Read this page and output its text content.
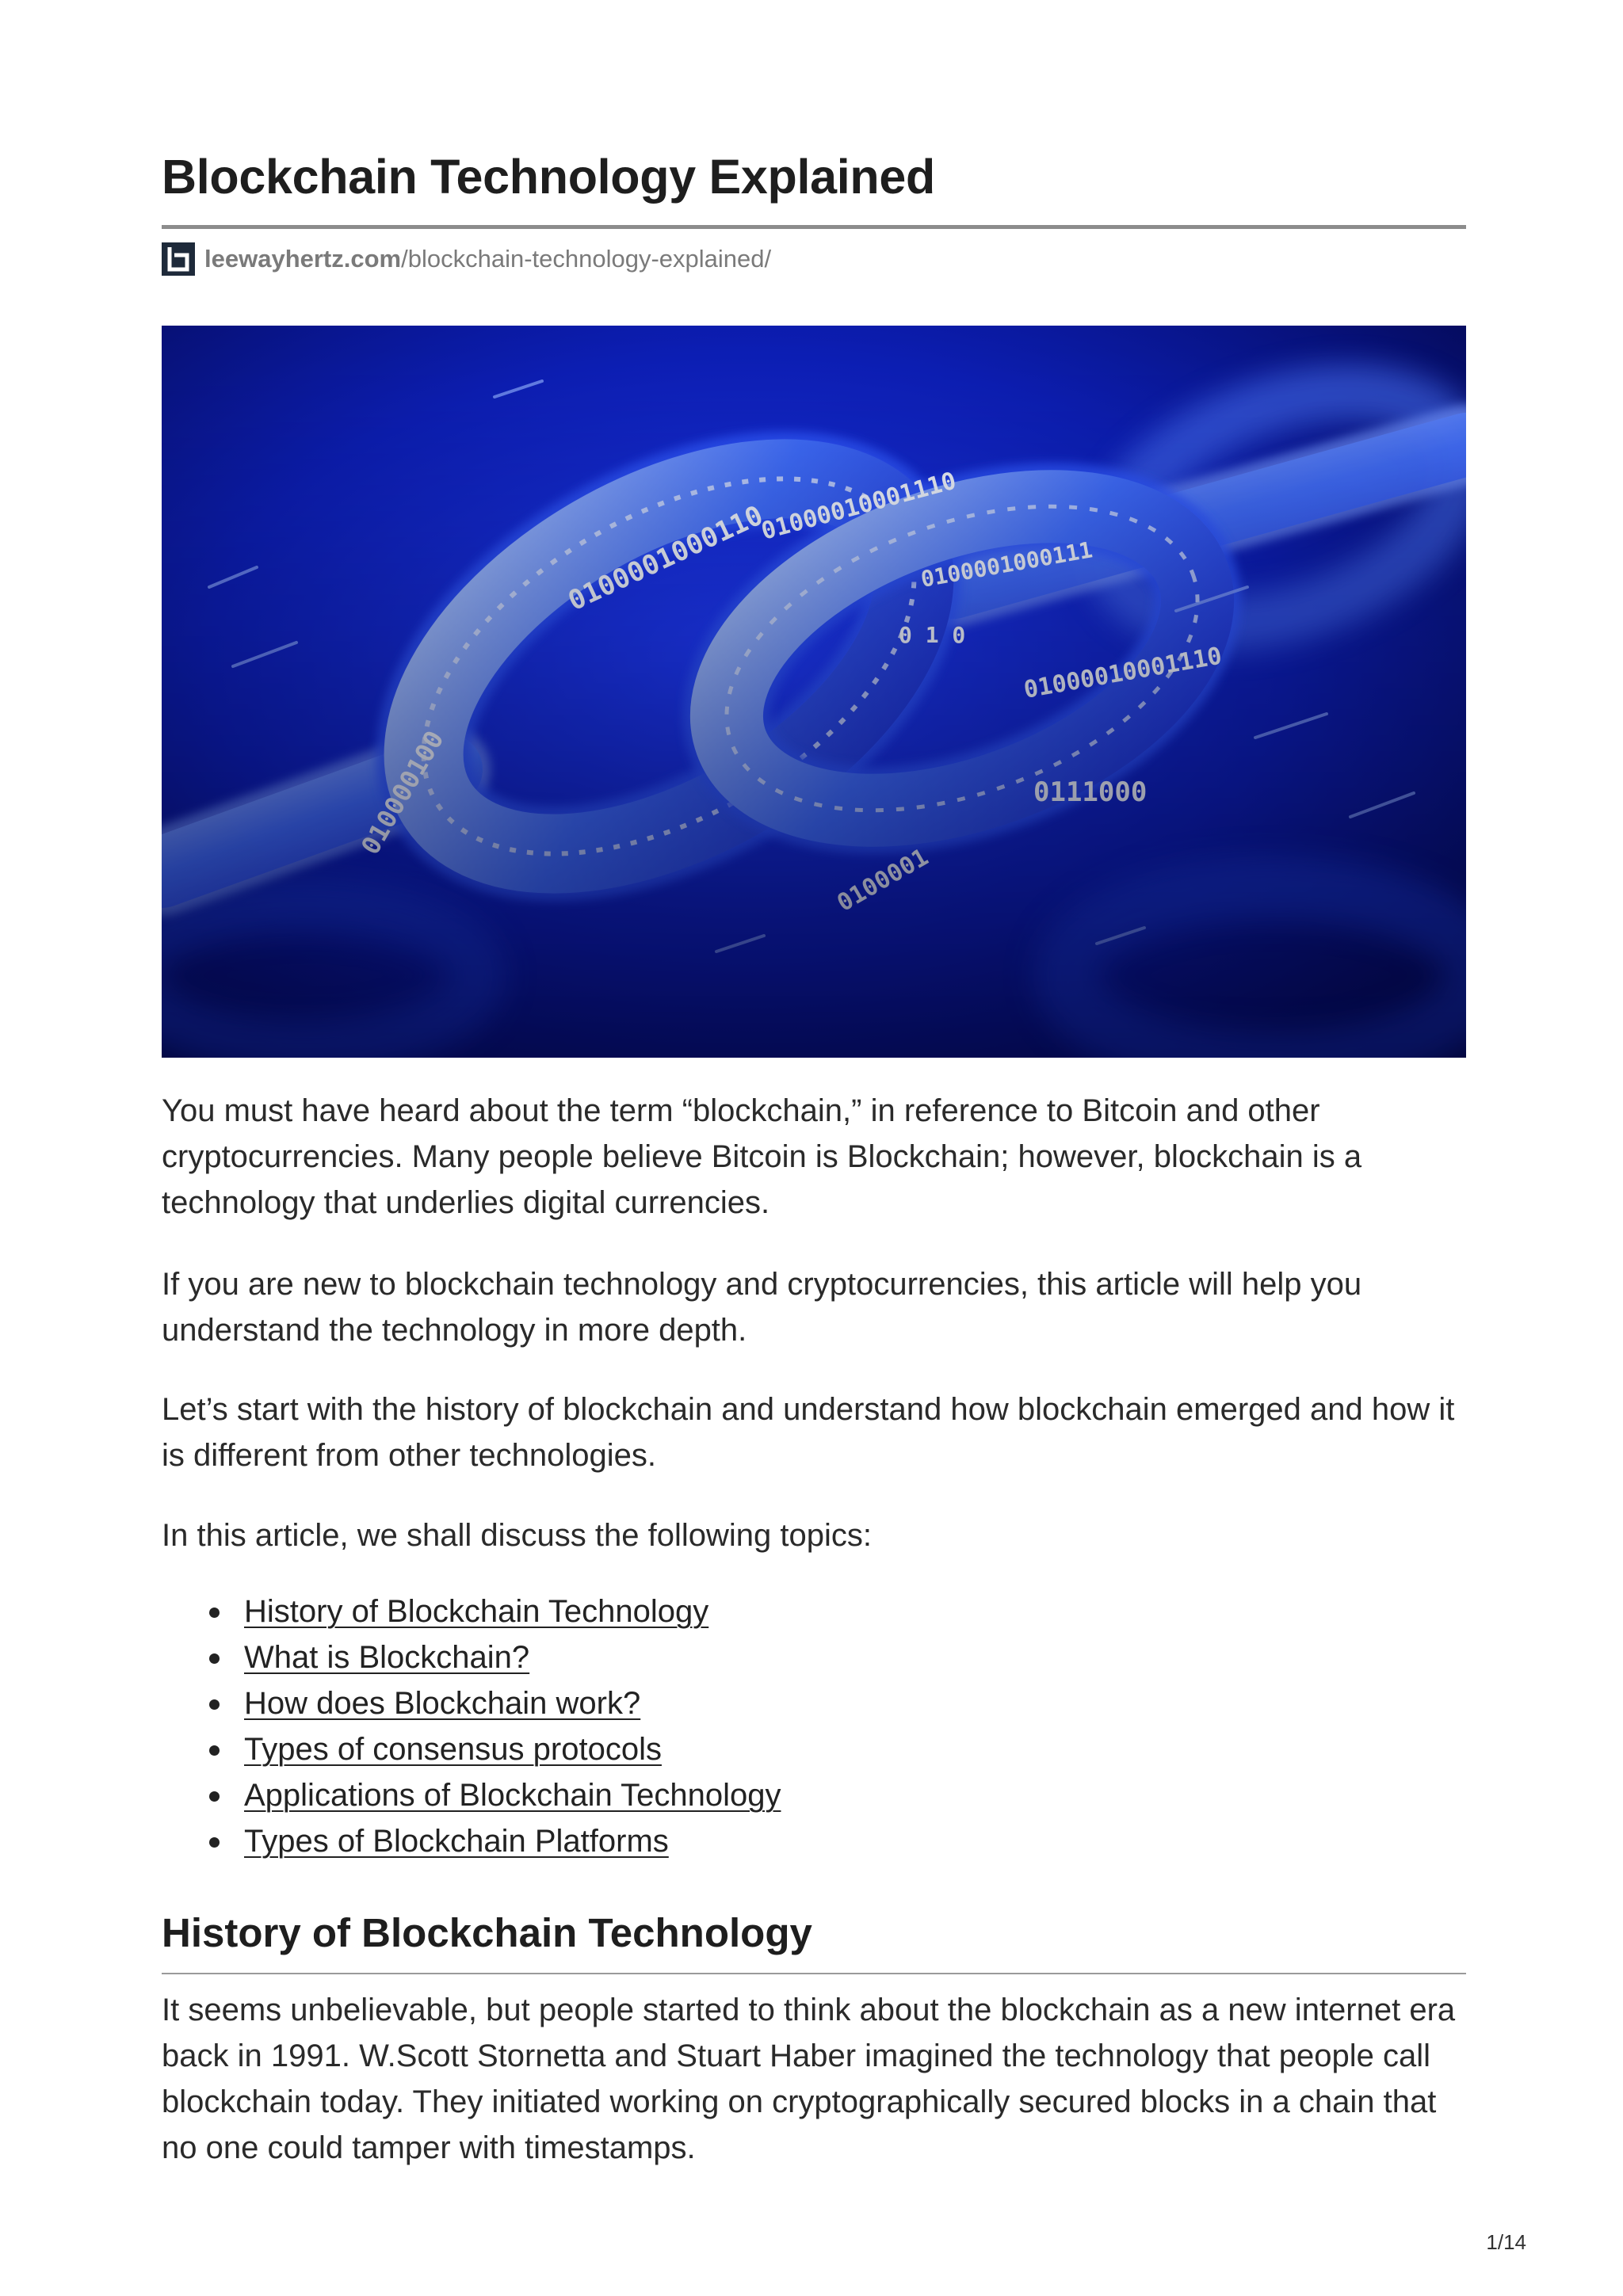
Blockchain Technology Explained
leewayhertz.com /blockchain-technology-explained/

You must have heard about the term “blockchain,” in reference to Bitcoin and other cryptocurrencies. Many people believe Bitcoin is Blockchain; however, blockchain is a technology that underlies digital currencies.

If you are new to blockchain technology and cryptocurrencies, this article will help you understand the technology in more depth.

Let’s start with the history of blockchain and understand how blockchain emerged and how it is different from other technologies.

In this article, we shall discuss the following topics:

History of Blockchain Technology
What is Blockchain?
How does Blockchain work?
Types of consensus protocols
Applications of Blockchain Technology
Types of Blockchain Platforms
History of Blockchain Technology

It seems unbelievable, but people started to think about the blockchain as a new internet era back in 1991. W.Scott Stornetta and Stuart Haber imagined the technology that people call blockchain today. They initiated working on cryptographically secured blocks in a chain that no one could tamper with timestamps.

1/14
